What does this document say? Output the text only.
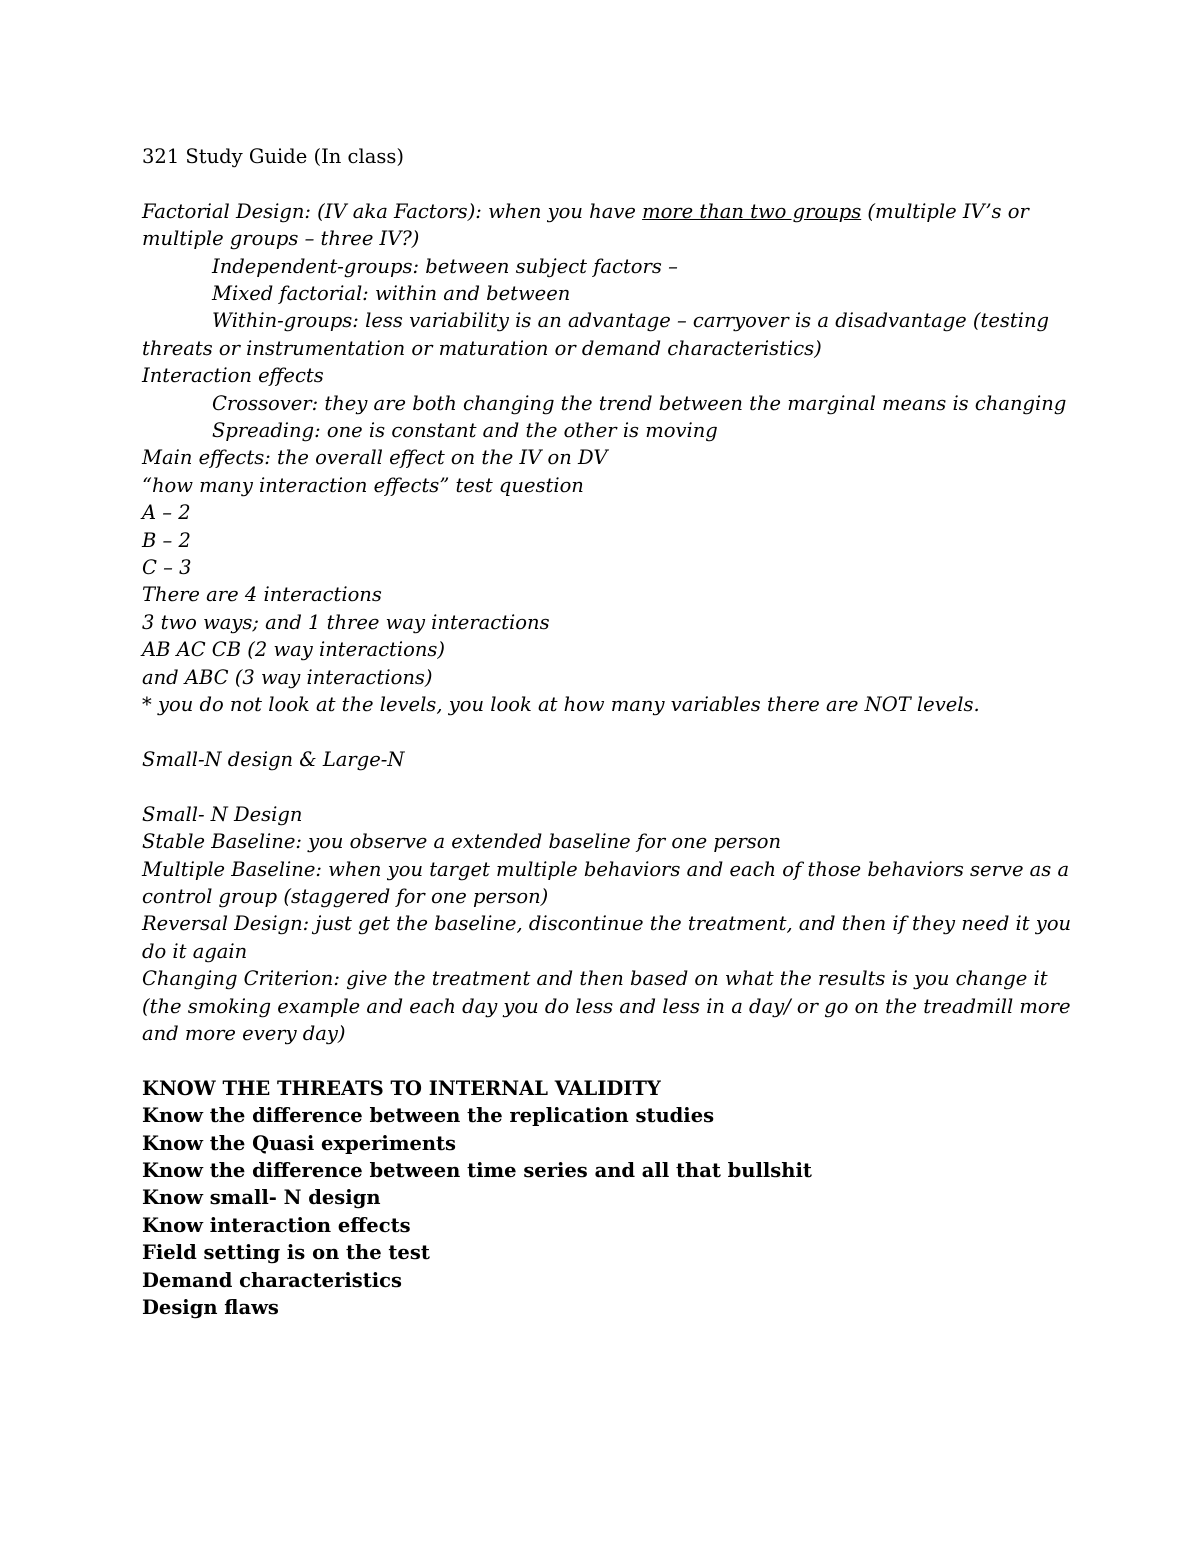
321 Study Guide (In class)

Factorial Design: (IV aka Factors): when you have more than two groups (multiple IV’s or multiple groups – three IV?)

Independent-groups: between subject factors –

Mixed factorial: within and between

Within-groups: less variability is an advantage – carryover is a disadvantage (testing threats or instrumentation or maturation or demand characteristics)

Interaction effects

Crossover: they are both changing the trend between the marginal means is changing

Spreading: one is constant and the other is moving

Main effects: the overall effect on the IV on DV

“how many interaction effects” test question

A – 2

B – 2

C – 3

There are 4 interactions

3 two ways; and 1 three way interactions

AB AC CB (2 way interactions)

and ABC (3 way interactions)

* you do not look at the levels, you look at how many variables there are NOT levels.

Small-N design & Large-N

Small- N Design

Stable Baseline: you observe a extended baseline for one person

Multiple Baseline: when you target multiple behaviors and each of those behaviors serve as a control group (staggered for one person)

Reversal Design: just get the baseline, discontinue the treatment, and then if they need it you do it again

Changing Criterion: give the treatment and then based on what the results is you change it (the smoking example and each day you do less and less in a day/ or go on the treadmill more and more every day)

KNOW THE THREATS TO INTERNAL VALIDITY

Know the difference between the replication studies

Know the Quasi experiments

Know the difference between time series and all that bullshit

Know small- N design

Know interaction effects

Field setting is on the test

Demand characteristics

Design flaws
